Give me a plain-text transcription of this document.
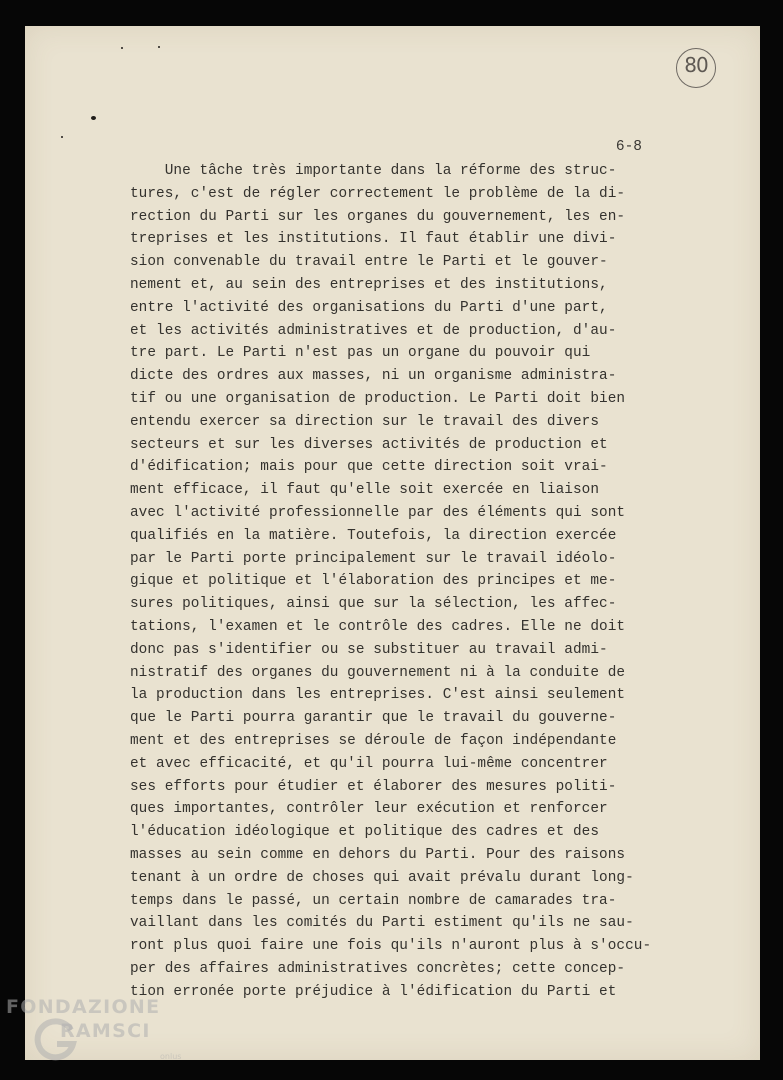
80
6-8
Une tâche très importante dans la réforme des struc-
tures, c'est de régler correctement le problème de la di-
rection du Parti sur les organes du gouvernement, les en-
treprises et les institutions. Il faut établir une divi-
sion convenable du travail entre le Parti et le gouver-
nement et, au sein des entreprises et des institutions,
entre l'activité des organisations du Parti d'une part,
et les activités administratives et de production, d'au-
tre part. Le Parti n'est pas un organe du pouvoir qui
dicte des ordres aux masses, ni un organisme administra-
tif ou une organisation de production. Le Parti doit bien
entendu exercer sa direction sur le travail des divers
secteurs et sur les diverses activités de production et
d'édification; mais pour que cette direction soit vrai-
ment efficace, il faut qu'elle soit exercée en liaison
avec l'activité professionnelle par des éléments qui sont
qualifiés en la matière. Toutefois, la direction exercée
par le Parti porte principalement sur le travail idéolo-
gique et politique et l'élaboration des principes et me-
sures politiques, ainsi que sur la sélection, les affec-
tations, l'examen et le contrôle des cadres. Elle ne doit
donc pas s'identifier ou se substituer au travail admi-
nistratif des organes du gouvernement ni à la conduite de
la production dans les entreprises. C'est ainsi seulement
que le Parti pourra garantir que le travail du gouverne-
ment et des entreprises se déroule de façon indépendante
et avec efficacité, et qu'il pourra lui-même concentrer
ses efforts pour étudier et élaborer des mesures politi-
ques importantes, contrôler leur exécution et renforcer
l'éducation idéologique et politique des cadres et des
masses au sein comme en dehors du Parti. Pour des raisons
tenant à un ordre de choses qui avait prévalu durant long-
temps dans le passé, un certain nombre de camarades tra-
vaillant dans les comités du Parti estiment qu'ils ne sau-
ront plus quoi faire une fois qu'ils n'auront plus à s'occu-
per des affaires administratives concrètes; cette concep-
tion erronée porte préjudice à l'édification du Parti et
FONDAZIONE
RAMSCI
onlus
